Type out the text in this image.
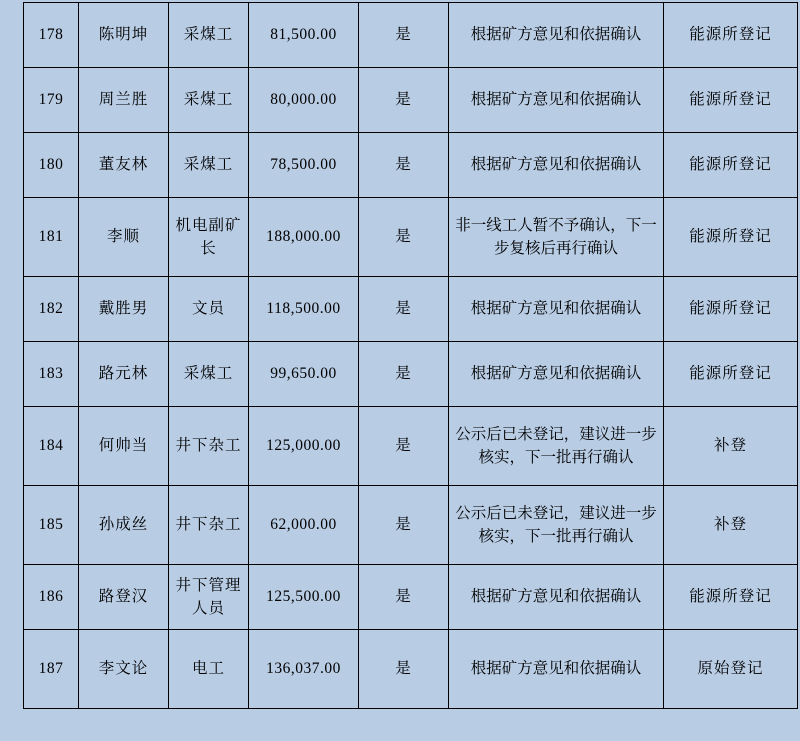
178	陈明坤	采煤工	81,500.00	是	根据矿方意见和依据确认	能源所登记
179	周兰胜	采煤工	80,000.00	是	根据矿方意见和依据确认	能源所登记
180	董友林	采煤工	78,500.00	是	根据矿方意见和依据确认	能源所登记
181	李顺	机电副矿长	188,000.00	是	非一线工人暂不予确认，下一步复核后再行确认	能源所登记
182	戴胜男	文员	118,500.00	是	根据矿方意见和依据确认	能源所登记
183	路元林	采煤工	99,650.00	是	根据矿方意见和依据确认	能源所登记
184	何帅当	井下杂工	125,000.00	是	公示后已未登记，建议进一步核实，下一批再行确认	补登
185	孙成丝	井下杂工	62,000.00	是	公示后已未登记，建议进一步核实，下一批再行确认	补登
186	路登汉	井下管理人员	125,500.00	是	根据矿方意见和依据确认	能源所登记
187	李文论	电工	136,037.00	是	根据矿方意见和依据确认	原始登记
